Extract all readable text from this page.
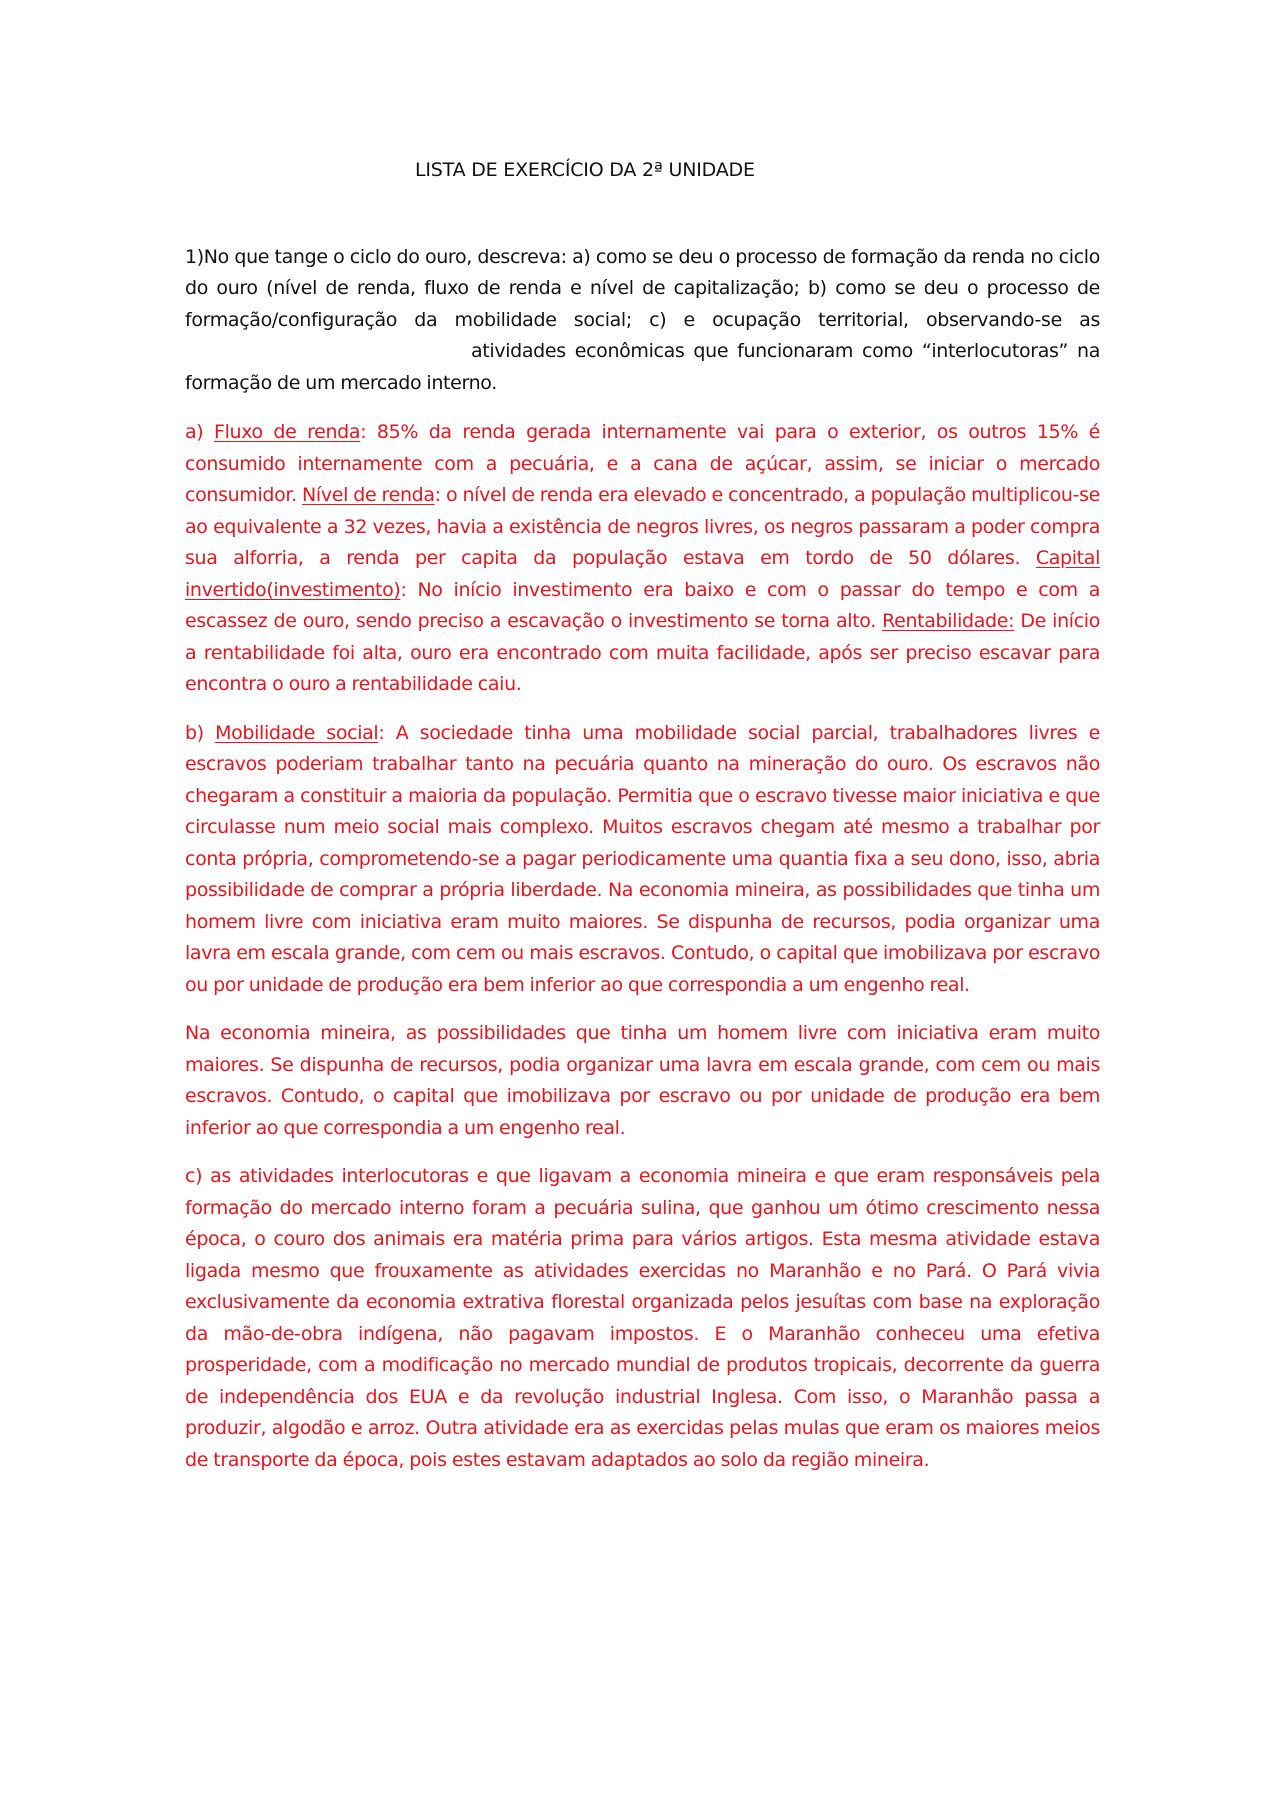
LISTA DE EXERCÍCIO DA 2ª UNIDADE

1)No que tange o ciclo do ouro, descreva: a) como se deu o processo de formação da renda no ciclo do ouro (nível de renda, fluxo de renda e nível de capitalização; b) como se deu o processo de formação/configuração da mobilidade social; c) e ocupação territorial, observando-se asatividades econômicas que funcionaram como “interlocutoras” na formação de um mercado interno.

a) Fluxo de renda: 85% da renda gerada internamente vai para o exterior, os outros 15% é consumido internamente com a pecuária, e a cana de açúcar, assim, se iniciar o mercado consumidor. Nível de renda: o nível de renda era elevado e concentrado, a população multiplicou-se ao equivalente a 32 vezes, havia a existência de negros livres, os negros passaram a poder compra sua alforria, a renda per capita da população estava em tordo de 50 dólares. Capital invertido(investimento): No início investimento era baixo e com o passar do tempo e com a escassez de ouro, sendo preciso a escavação o investimento se torna alto. Rentabilidade: De início a rentabilidade foi alta, ouro era encontrado com muita facilidade, após ser preciso escavar para encontra o ouro a rentabilidade caiu.

b) Mobilidade social: A sociedade tinha uma mobilidade social parcial, trabalhadores livres e escravos poderiam trabalhar tanto na pecuária quanto na mineração do ouro. Os escravos não chegaram a constituir a maioria da população. Permitia que o escravo tivesse maior iniciativa e que circulasse num meio social mais complexo. Muitos escravos chegam até mesmo a trabalhar por conta própria, comprometendo-se a pagar periodicamente uma quantia fixa a seu dono, isso, abria possibilidade de comprar a própria liberdade. Na economia mineira, as possibilidades que tinha um homem livre com iniciativa eram muito maiores. Se dispunha de recursos, podia organizar uma lavra em escala grande, com cem ou mais escravos. Contudo, o capital que imobilizava por escravo ou por unidade de produção era bem inferior ao que correspondia a um engenho real.

Na economia mineira, as possibilidades que tinha um homem livre com iniciativa eram muito maiores. Se dispunha de recursos, podia organizar uma lavra em escala grande, com cem ou mais escravos. Contudo, o capital que imobilizava por escravo ou por unidade de produção era bem inferior ao que correspondia a um engenho real.

c) as atividades interlocutoras e que ligavam a economia mineira e que eram responsáveis pela formação do mercado interno foram a pecuária sulina, que ganhou um ótimo crescimento nessa época, o couro dos animais era matéria prima para vários artigos. Esta mesma atividade estava ligada mesmo que frouxamente as atividades exercidas no Maranhão e no Pará. O Pará vivia exclusivamente da economia extrativa florestal organizada pelos jesuítas com base na exploração da mão-de-obra indígena, não pagavam impostos. E o Maranhão conheceu uma efetiva prosperidade, com a modificação no mercado mundial de produtos tropicais, decorrente da guerra de independência dos EUA e da revolução industrial Inglesa. Com isso, o Maranhão passa a produzir, algodão e arroz. Outra atividade era as exercidas pelas mulas que eram os maiores meios de transporte da época, pois estes estavam adaptados ao solo da região mineira.
